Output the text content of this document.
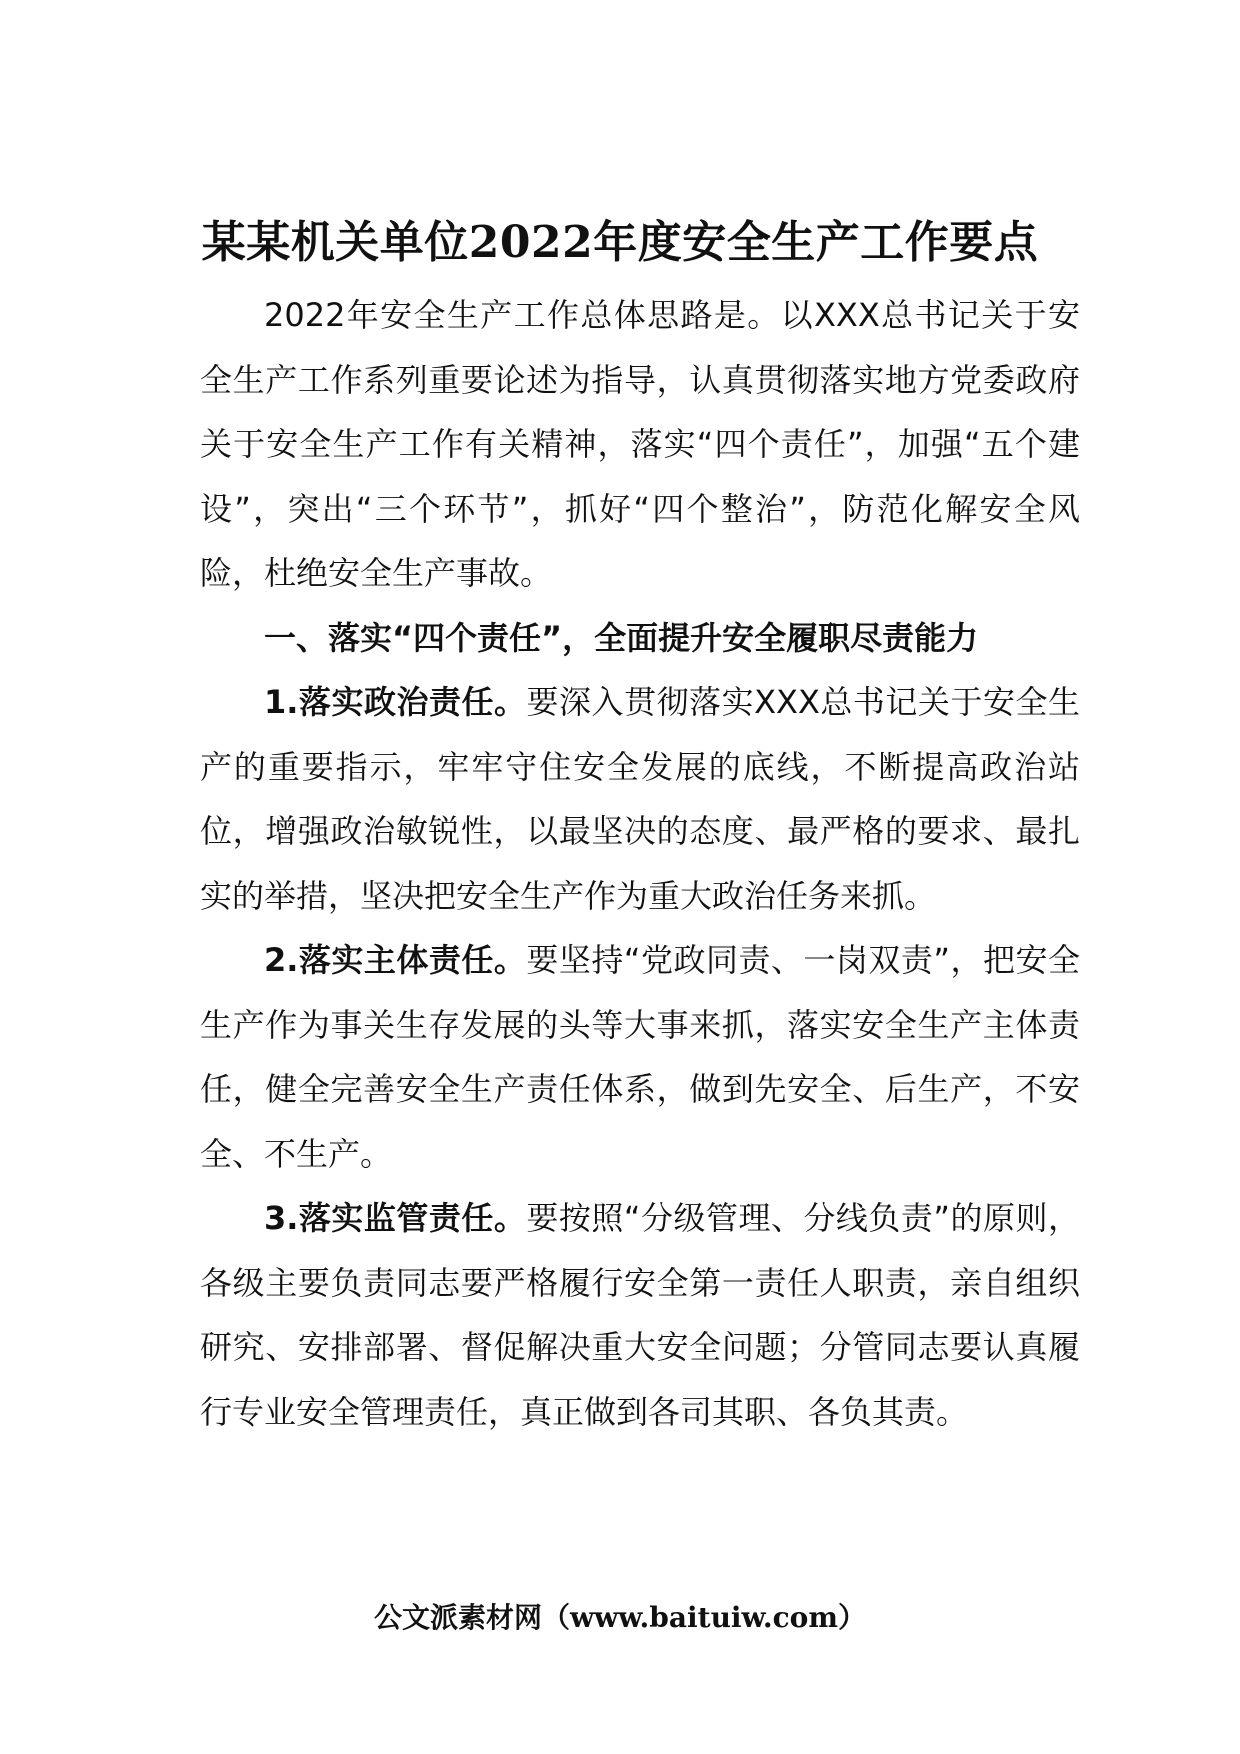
某某机关单位2022年度安全生产工作要点

2022年安全生产工作总体思路是。以XXX总书记关于安全生产工作系列重要论述为指导，认真贯彻落实地方党委政府关于安全生产工作有关精神，落实“四个责任”，加强“五个建设”，突出“三个环节”，抓好“四个整治”，防范化解安全风险，杜绝安全生产事故。

一、落实“四个责任”，全面提升安全履职尽责能力

1.落实政治责任。要深入贯彻落实XXX总书记关于安全生产的重要指示，牢牢守住安全发展的底线，不断提高政治站位，增强政治敏锐性，以最坚决的态度、最严格的要求、最扎实的举措，坚决把安全生产作为重大政治任务来抓。

2.落实主体责任。要坚持“党政同责、一岗双责”，把安全生产作为事关生存发展的头等大事来抓，落实安全生产主体责任，健全完善安全生产责任体系，做到先安全、后生产，不安全、不生产。

3.落实监管责任。要按照“分级管理、分线负责”的原则，各级主要负责同志要严格履行安全第一责任人职责，亲自组织研究、安排部署、督促解决重大安全问题；分管同志要认真履行专业安全管理责任，真正做到各司其职、各负其责。

公文派素材网（www.baituiw.com）
